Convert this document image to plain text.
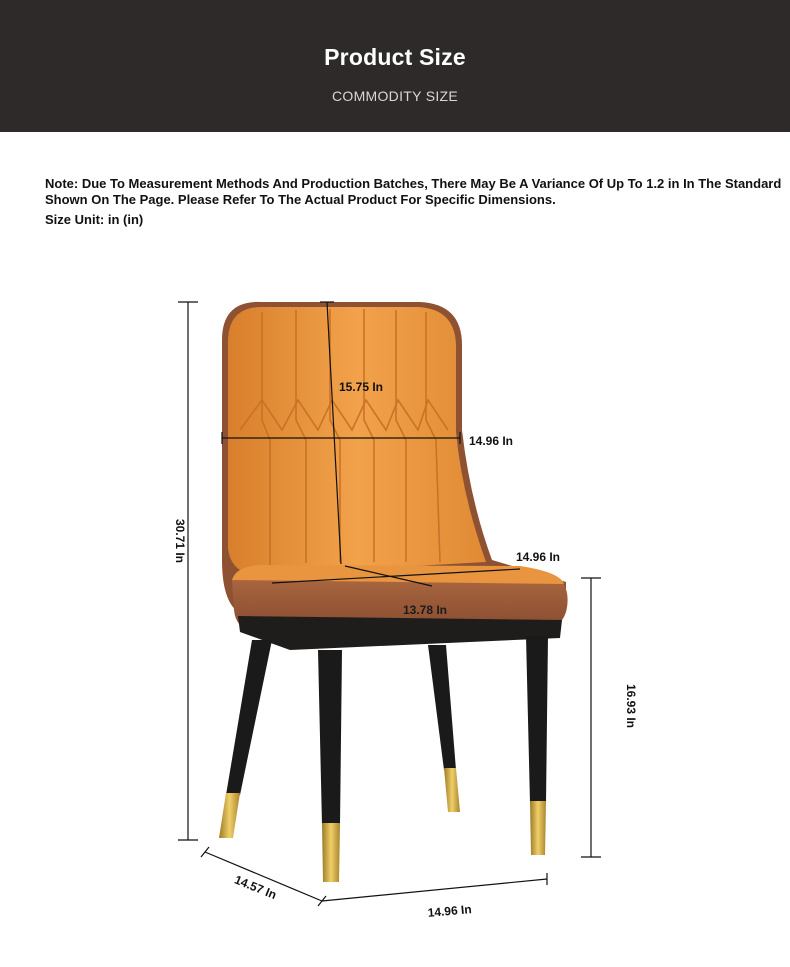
Product Size
COMMODITY SIZE
Note: Due To Measurement Methods And Production Batches, There May Be A Variance Of Up To 1.2 in In The Standard
Shown On The Page. Please Refer To The Actual Product For Specific Dimensions.
Size Unit: in (in)
30.71 In
15.75 In
14.96 In
14.96 In
13.78 In
16.93 In
14.57 In
14.96 In
